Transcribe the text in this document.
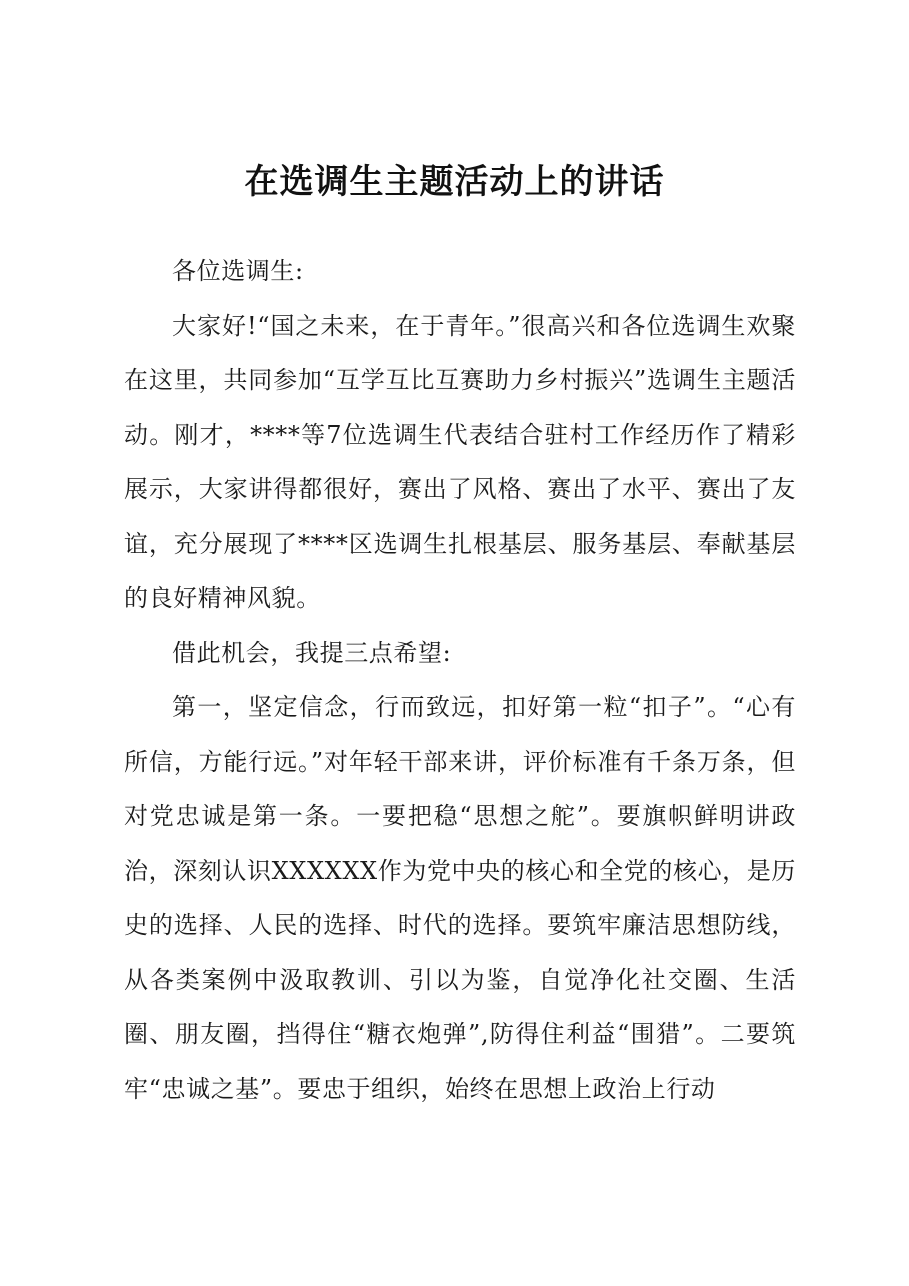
在选调生主题活动上的讲话

各位选调生:

大家好!“国之未来，在于青年。”很高兴和各位选调生欢聚在这里，共同参加“互学互比互赛助力乡村振兴”选调生主题活动。刚才，****等7位选调生代表结合驻村工作经历作了精彩展示，大家讲得都很好，赛出了风格、赛出了水平、赛出了友谊，充分展现了****区选调生扎根基层、服务基层、奉献基层的良好精神风貌。

借此机会，我提三点希望:

第一，坚定信念，行而致远，扣好第一粒“扣子”。“心有所信，方能行远。”对年轻干部来讲，评价标准有千条万条，但对党忠诚是第一条。一要把稳“思想之舵”。要旗帜鲜明讲政治，深刻认识XXXXXX作为党中央的核心和全党的核心，是历史的选择、人民的选择、时代的选择。要筑牢廉洁思想防线，从各类案例中汲取教训、引以为鉴，自觉净化社交圈、生活圈、朋友圈，挡得住“糖衣炮弹”,防得住利益“围猎”。二要筑牢“忠诚之基”。要忠于组织，始终在思想上政治上行动
